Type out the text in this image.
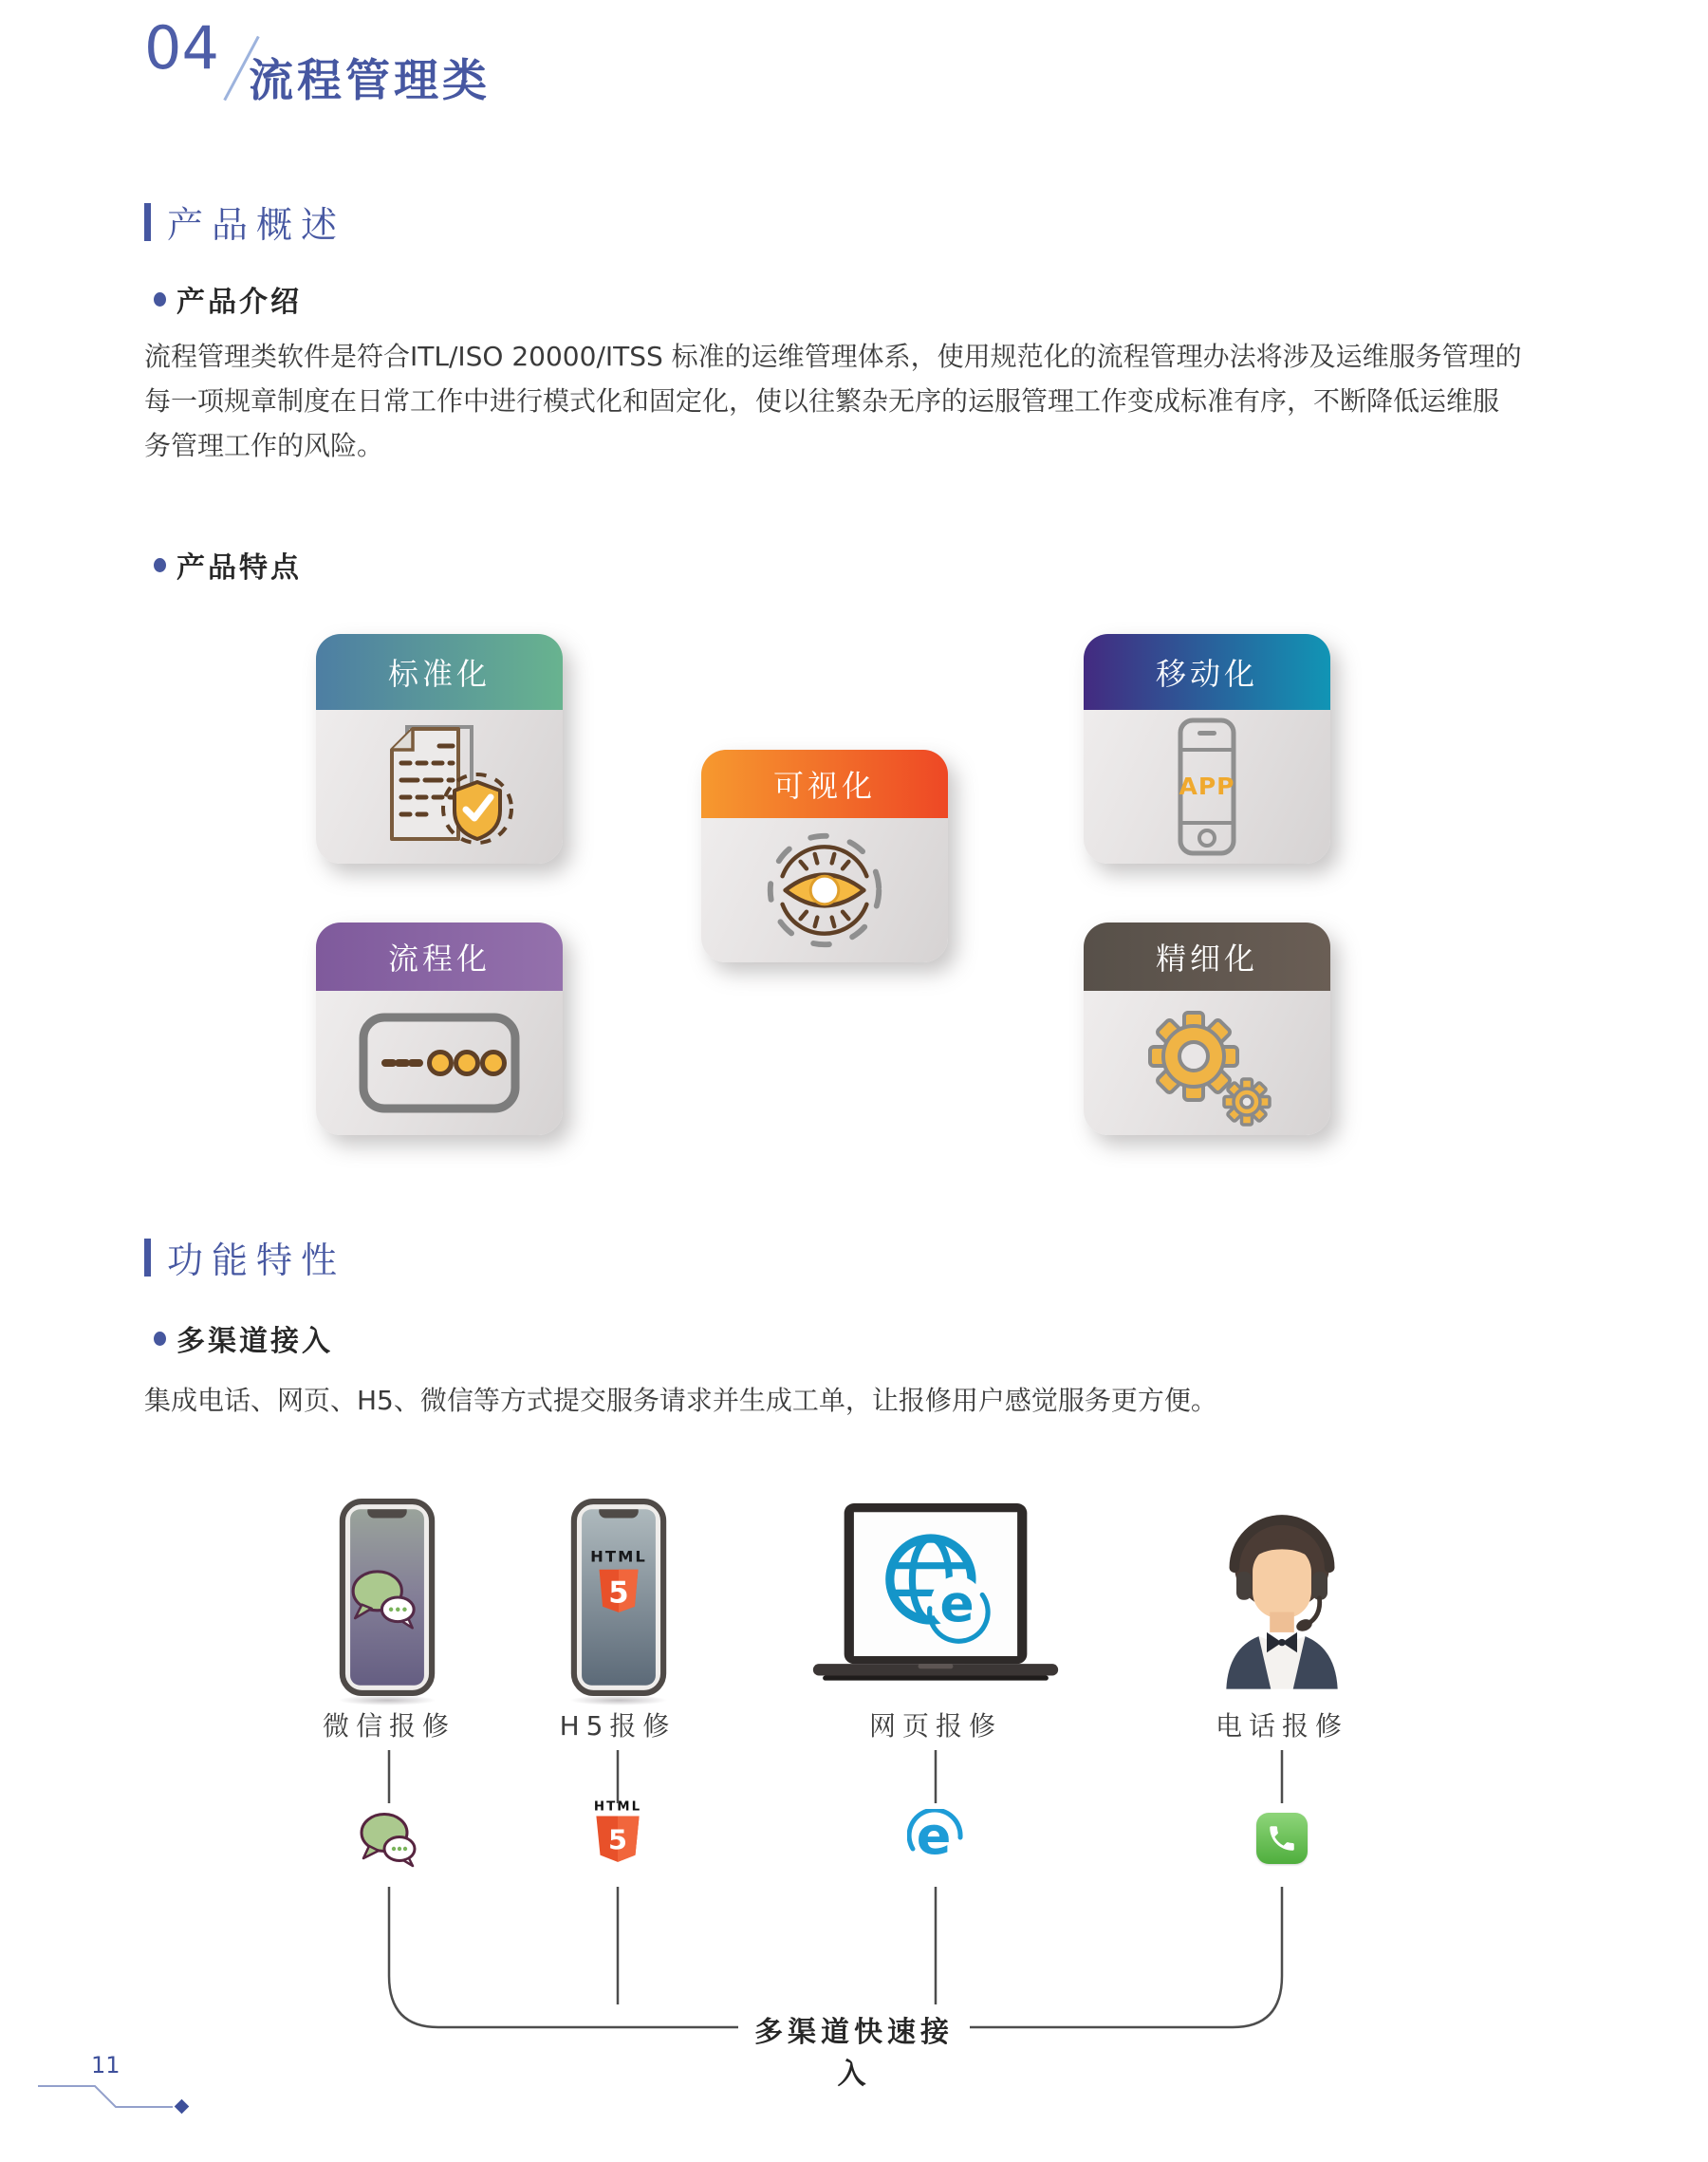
04 流程管理类
产品概述
产品介绍

流程管理类软件是符合ITL/ISO 20000/ITSS 标准的运维管理体系，使用规范化的流程管理办法将涉及运维服务管理的
每一项规章制度在日常工作中进行模式化和固定化，使以往繁杂无序的运服管理工作变成标准有序，不断降低运维服
务管理工作的风险。

产品特点
标准化
可视化
移动化
APP
流程化	精细化
功能特性
多渠道接入

集成电话、网页、H5、微信等方式提交服务请求并生成工单，让报修用户感觉服务更方便。

HTML
5	e
微信报修	H5报修	网页报修	电话报修
HTML
5	e

多渠道快速接入

11
